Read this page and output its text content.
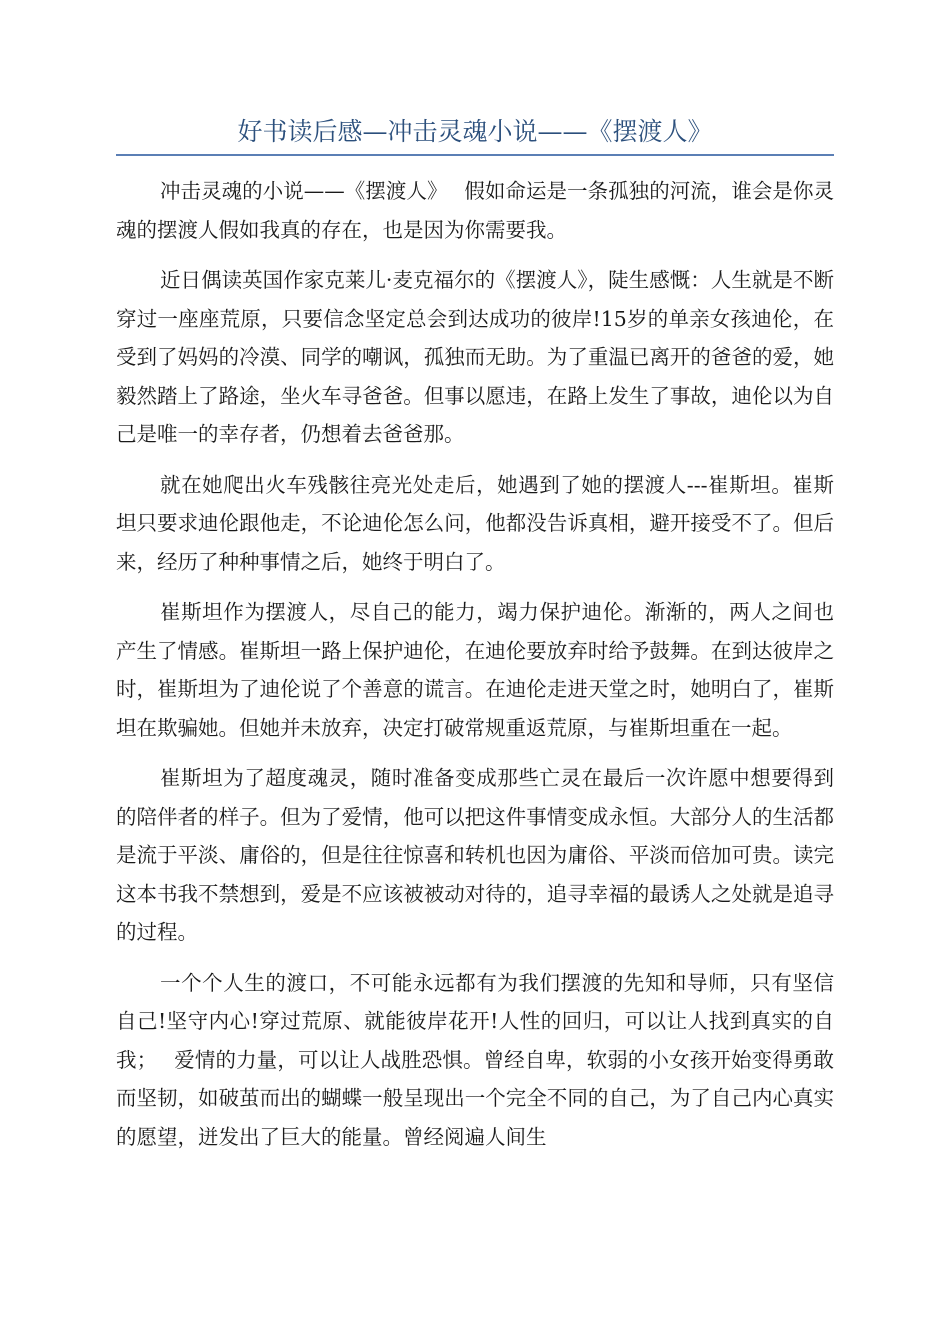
好书读后感—冲击灵魂小说——《摆渡人》

冲击灵魂的小说——《摆渡人》　 假如命运是一条孤独的河流，谁会是你灵魂的摆渡人假如我真的存在，也是因为你需要我。

近日偶读英国作家克莱儿·麦克福尔的《摆渡人》，陡生感慨：人生就是不断穿过一座座荒原，只要信念坚定总会到达成功的彼岸!15岁的单亲女孩迪伦，在受到了妈妈的冷漠、同学的嘲讽，孤独而无助。为了重温已离开的爸爸的爱，她毅然踏上了路途，坐火车寻爸爸。但事以愿违，在路上发生了事故，迪伦以为自己是唯一的幸存者，仍想着去爸爸那。

就在她爬出火车残骸往亮光处走后，她遇到了她的摆渡人---崔斯坦。崔斯坦只要求迪伦跟他走，不论迪伦怎么问，他都没告诉真相，避开接受不了。但后来，经历了种种事情之后，她终于明白了。

崔斯坦作为摆渡人，尽自己的能力，竭力保护迪伦。渐渐的，两人之间也产生了情感。崔斯坦一路上保护迪伦，在迪伦要放弃时给予鼓舞。在到达彼岸之时，崔斯坦为了迪伦说了个善意的谎言。在迪伦走进天堂之时，她明白了，崔斯坦在欺骗她。但她并未放弃，决定打破常规重返荒原，与崔斯坦重在一起。

崔斯坦为了超度魂灵，随时准备变成那些亡灵在最后一次许愿中想要得到的陪伴者的样子。但为了爱情，他可以把这件事情变成永恒。大部分人的生活都是流于平淡、庸俗的，但是往往惊喜和转机也因为庸俗、平淡而倍加可贵。读完这本书我不禁想到，爱是不应该被被动对待的，追寻幸福的最诱人之处就是追寻的过程。

一个个人生的渡口，不可能永远都有为我们摆渡的先知和导师，只有坚信自己!坚守内心!穿过荒原、就能彼岸花开!人性的回归，可以让人找到真实的自我；　 爱情的力量，可以让人战胜恐惧。曾经自卑，软弱的小女孩开始变得勇敢而坚韧，如破茧而出的蝴蝶一般呈现出一个完全不同的自己，为了自己内心真实的愿望，迸发出了巨大的能量。曾经阅遍人间生
